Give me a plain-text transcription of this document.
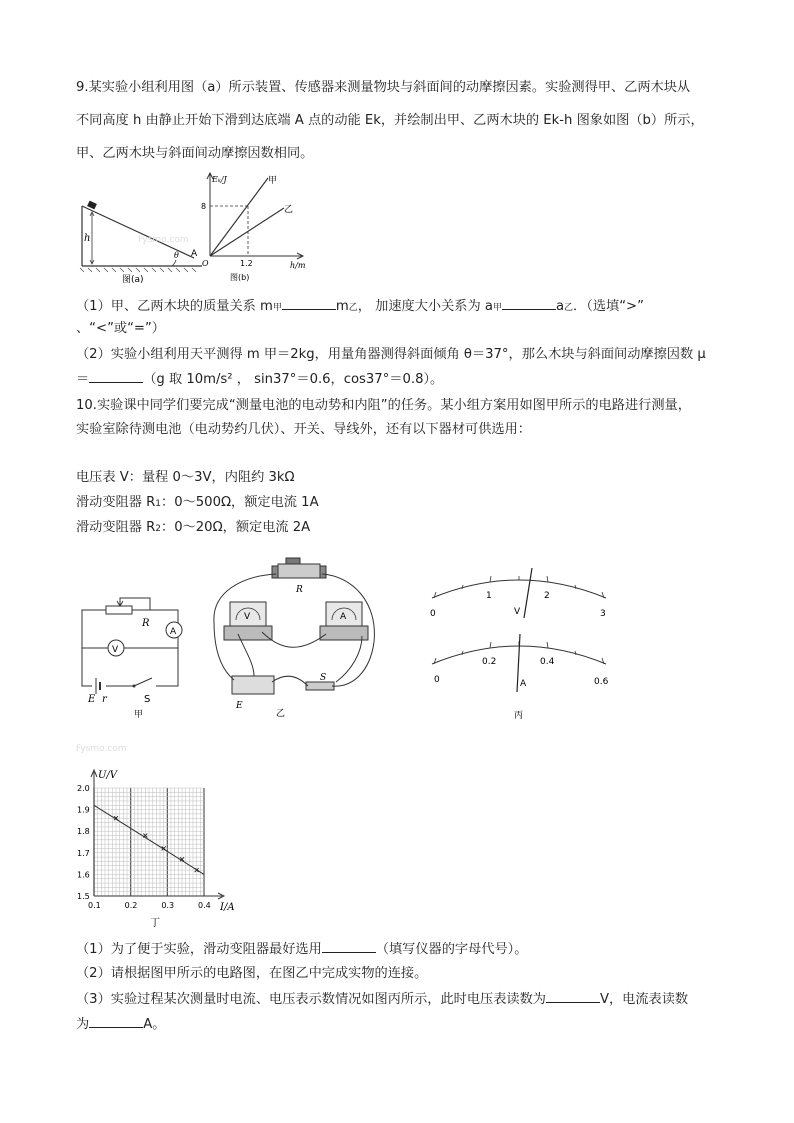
9.某实验小组利用图（a）所示装置、传感器来测量物块与斜面间的动摩擦因素。实验测得甲、乙两木块从
不同高度 h 由静止开始下滑到达底端 A 点的动能 Ek，并绘制出甲、乙两木块的 Ek-h 图象如图（b）所示，
甲、乙两木块与斜面间动摩擦因数相同。
h
θ A
图(a)
Fysmo.com
Eₖ/J
h/m
8
1.2
O
甲
乙
图(b)
（1）甲、乙两木块的质量关系 m甲	m乙， 加速度大小关系为 a甲	a乙．（选填“>”
、“<”或“=”）
（2）实验小组利用天平测得 m 甲＝2kg，用量角器测得斜面倾角 θ＝37°，那么木块与斜面间动摩擦因数 μ
＝	（g 取 10m/s² ， sin37°＝0.6，cos37°＝0.8）。
10.实验课中同学们要完成“测量电池的电动势和内阻”的任务。某小组方案用如图甲所示的电路进行测量，
实验室除待测电池（电动势约几伏）、开关、导线外，还有以下器材可供选用：
电压表 V：量程 0～3V，内阻约 3kΩ
滑动变阻器 R1：0～500Ω，额定电流 1A
滑动变阻器 R2：0～20Ω，额定电流 2A
R
A
V
E r	S
甲
R
V	A
E
S
乙
0
1	2
3
V
0
0.2	0.4
0.6
A
丙
Fysmo.com
0.1	0.2	0.3	0.4
1.5
1.6
1.7
1.8
1.9
2.0
U/V
I/A
丁
（1）为了便于实验，滑动变阻器最好选用	（填写仪器的字母代号）。
（2）请根据图甲所示的电路图，在图乙中完成实物的连接。
（3）实验过程某次测量时电流、电压表示数情况如图丙所示，此时电压表读数为	V，电流表读数
为	A。
